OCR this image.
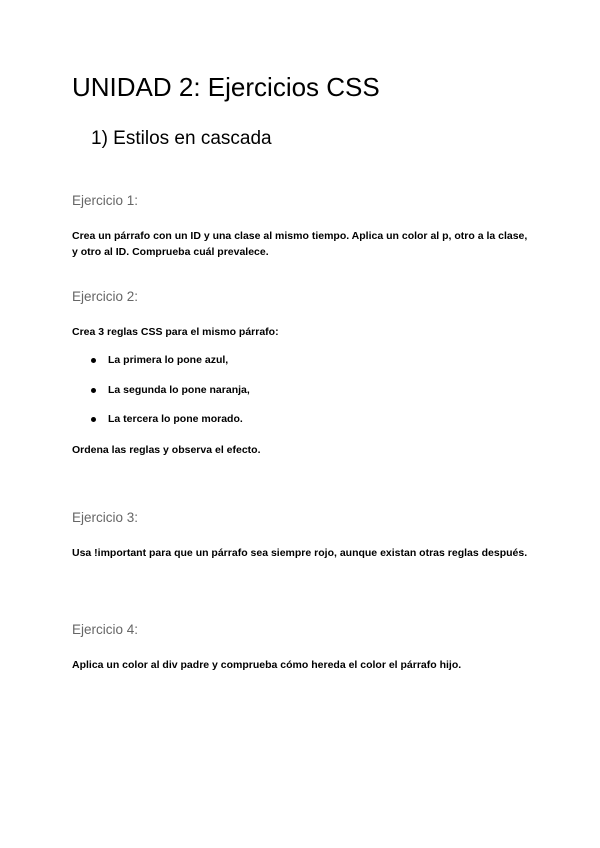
UNIDAD 2: Ejercicios CSS
1) Estilos en cascada

Ejercicio 1:

Crea un párrafo con un ID y una clase al mismo tiempo. Aplica un color al p, otro a la clase, y otro al ID. Comprueba cuál prevalece.

Ejercicio 2:

Crea 3 reglas CSS para el mismo párrafo:

La primera lo pone azul,
La segunda lo pone naranja,
La tercera lo pone morado.

Ordena las reglas y observa el efecto.

Ejercicio 3:

Usa !important para que un párrafo sea siempre rojo, aunque existan otras reglas después.

Ejercicio 4:

Aplica un color al div padre y comprueba cómo hereda el color el párrafo hijo.
